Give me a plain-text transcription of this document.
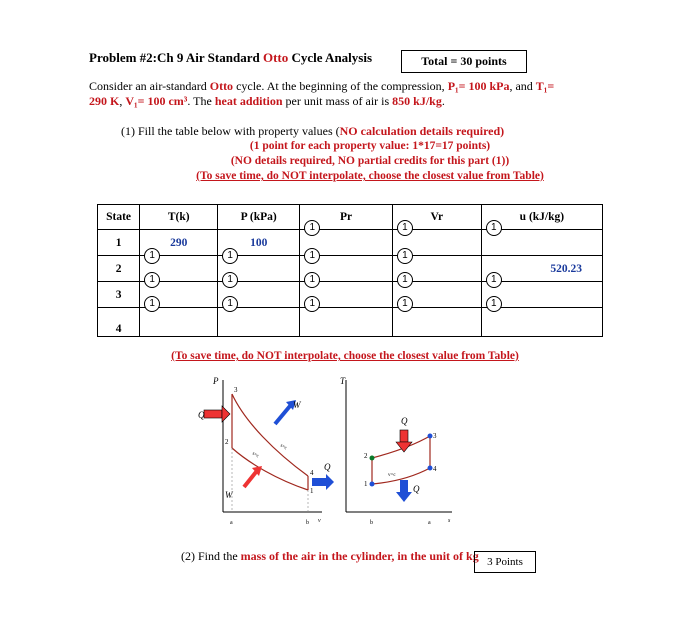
Problem #2:Ch 9 Air Standard Otto Cycle Analysis	Total = 30 points
Consider an air-standard Otto cycle. At the beginning of the compression, P₁= 100 kPa, and T₁=
290 K, V₁= 100 cm³. The heat addition per unit mass of air is 850 kJ/kg.
(1) Fill the table below with property values (NO calculation details required)
(1 point for each property value: 1*17=17 points)
(NO details required, NO partial credits for this part (1))
(To save time, do NOT interpolate, choose the closest value from Table)
State	T(k)	P (kPa)	Pr	Vr	u (kJ/kg)
1	290	100	1	1	1

2	1	1	1	1	520.23
3	1	1	1	1	1

4	1	1	1	1	1
(To save time, do NOT interpolate, choose the closest value from Table)
P
3
2
4
1
Q
W
W
Q
s=c
s=c
a	b v
T
2
1
3
4
v=c
Q
Q
b	a	s
(2) Find the mass of the air in the cylinder, in the unit of kg 3 Points
